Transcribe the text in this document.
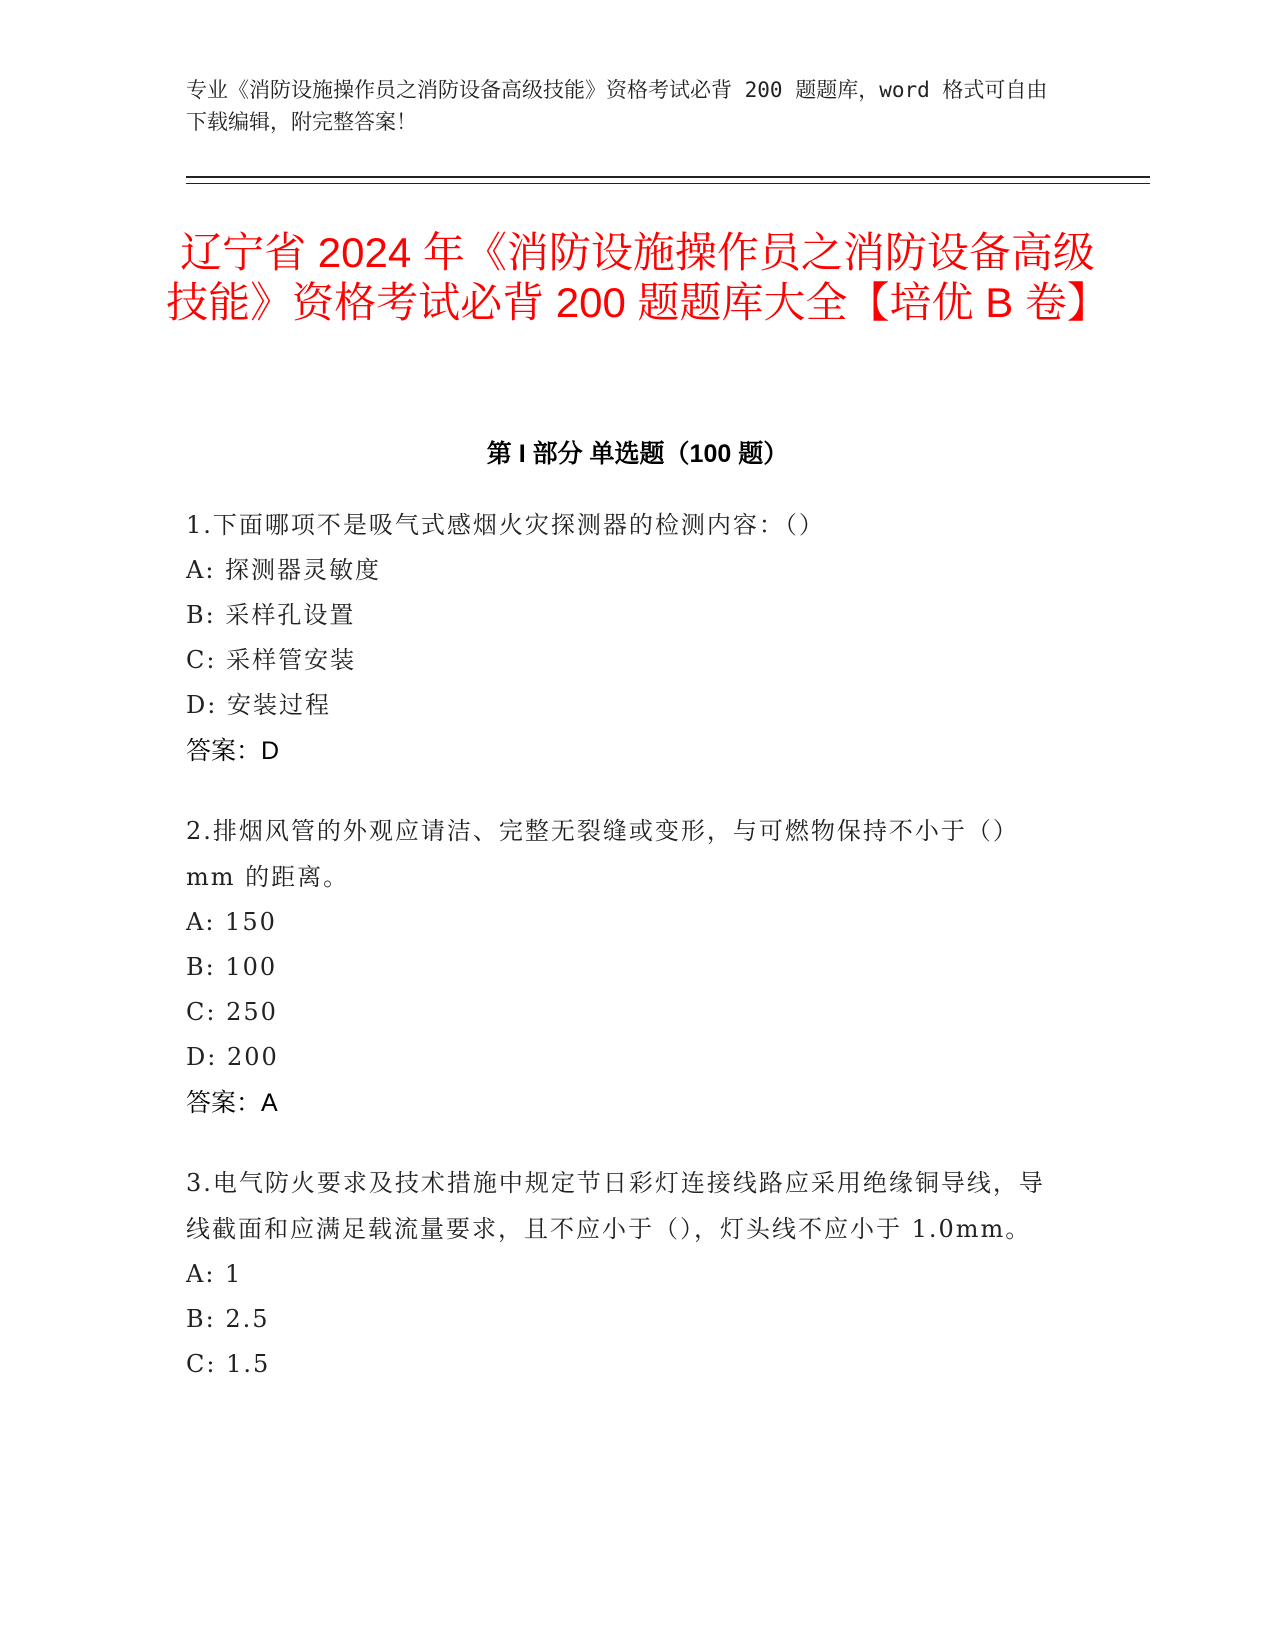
专业《消防设施操作员之消防设备高级技能》资格考试必背 200 题题库，word 格式可自由下载编辑，附完整答案！
辽宁省 2024 年《消防设施操作员之消防设备高级技能》资格考试必背 200 题题库大全【培优 B 卷】
第 I 部分 单选题（100 题）
1.下面哪项不是吸气式感烟火灾探测器的检测内容：（）
A: 探测器灵敏度
B: 采样孔设置
C: 采样管安装
D: 安装过程
答案：D
2.排烟风管的外观应请洁、完整无裂缝或变形，与可燃物保持不小于（）mm 的距离。
A: 150
B: 100
C: 250
D: 200
答案：A
3.电气防火要求及技术措施中规定节日彩灯连接线路应采用绝缘铜导线，导线截面和应满足载流量要求，且不应小于（），灯头线不应小于 1.0mm。
A: 1
B: 2.5
C: 1.5
